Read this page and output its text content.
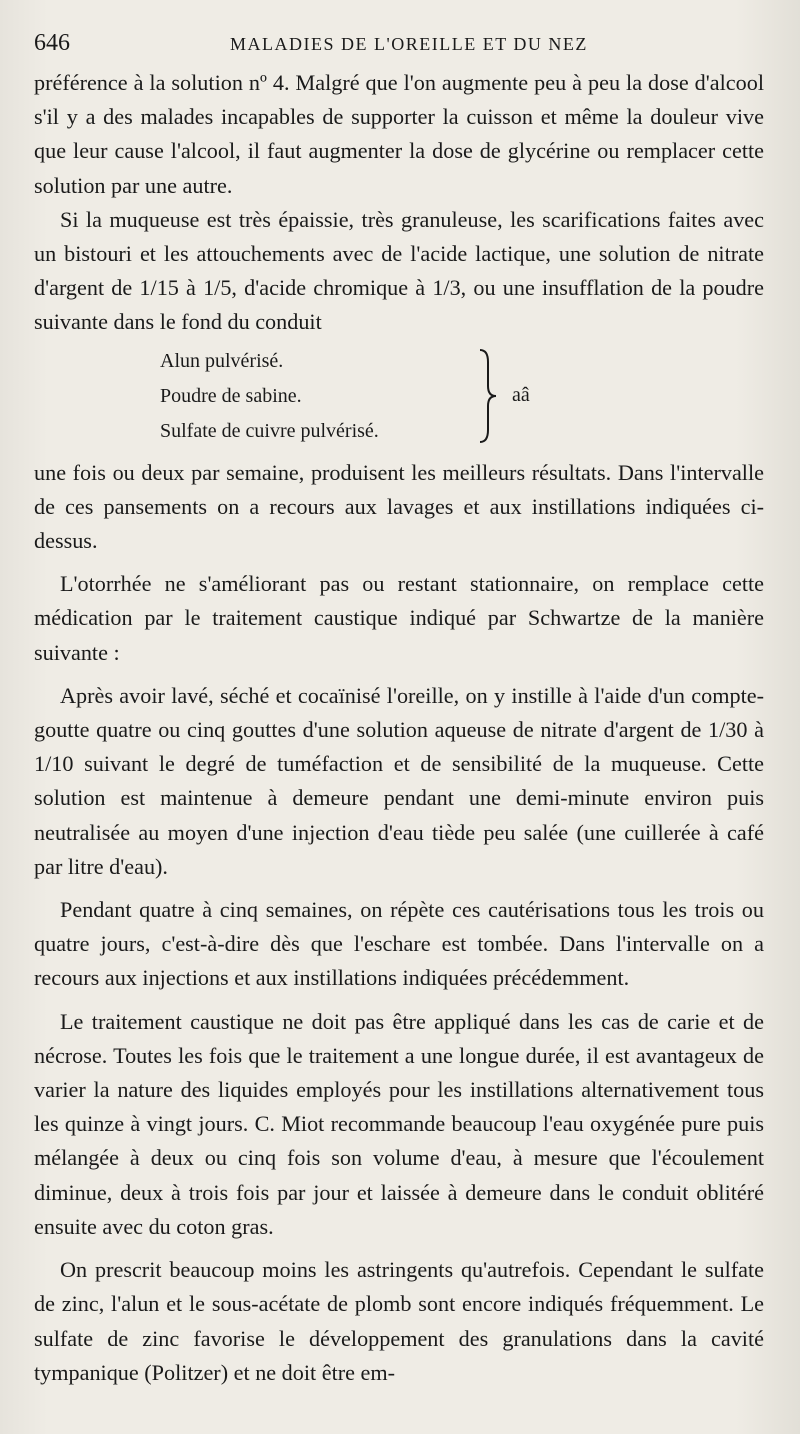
646	MALADIES DE L'OREILLE ET DU NEZ

préférence à la solution nº 4. Malgré que l'on augmente peu à peu la dose d'alcool s'il y a des malades incapables de supporter la cuisson et même la douleur vive que leur cause l'alcool, il faut augmenter la dose de glycérine ou remplacer cette solution par une autre.

Si la muqueuse est très épaissie, très granuleuse, les scarifications faites avec un bistouri et les attouchements avec de l'acide lactique, une solution de nitrate d'argent de 1/15 à 1/5, d'acide chromique à 1/3, ou une insufflation de la poudre suivante dans le fond du conduit

Alun pulvérisé.
Poudre de sabine.
Sulfate de cuivre pulvérisé.
aâ

une fois ou deux par semaine, produisent les meilleurs résultats. Dans l'intervalle de ces pansements on a recours aux lavages et aux instillations indiquées ci-dessus.

L'otorrhée ne s'améliorant pas ou restant stationnaire, on remplace cette médication par le traitement caustique indiqué par Schwartze de la manière suivante :

Après avoir lavé, séché et cocaïnisé l'oreille, on y instille à l'aide d'un compte-goutte quatre ou cinq gouttes d'une solution aqueuse de nitrate d'argent de 1/30 à 1/10 suivant le degré de tuméfaction et de sensibilité de la muqueuse. Cette solution est maintenue à demeure pendant une demi-minute environ puis neutralisée au moyen d'une injection d'eau tiède peu salée (une cuillerée à café par litre d'eau).

Pendant quatre à cinq semaines, on répète ces cautérisations tous les trois ou quatre jours, c'est-à-dire dès que l'eschare est tombée. Dans l'intervalle on a recours aux injections et aux instillations indiquées précédemment.

Le traitement caustique ne doit pas être appliqué dans les cas de carie et de nécrose. Toutes les fois que le traitement a une longue durée, il est avantageux de varier la nature des liquides employés pour les instillations alternativement tous les quinze à vingt jours. C. Miot recommande beaucoup l'eau oxygénée pure puis mélangée à deux ou cinq fois son volume d'eau, à mesure que l'écoulement diminue, deux à trois fois par jour et laissée à demeure dans le conduit oblitéré ensuite avec du coton gras.

On prescrit beaucoup moins les astringents qu'autrefois. Cependant le sulfate de zinc, l'alun et le sous-acétate de plomb sont encore indiqués fréquemment. Le sulfate de zinc favorise le développement des granulations dans la cavité tympanique (Politzer) et ne doit être em-
